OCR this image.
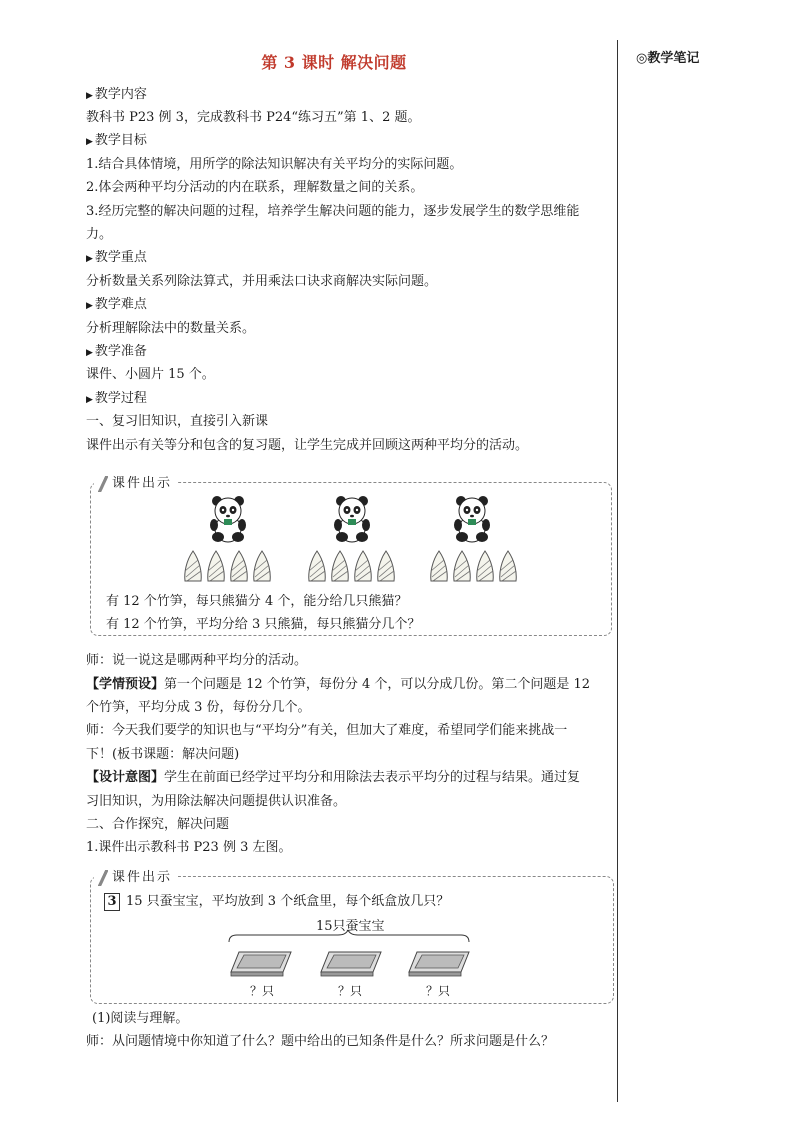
◎教学笔记
第 3 课时 解决问题
▶ 教学内容
教科书 P23 例 3，完成教科书 P24“练习五”第 1、2 题。
▶ 教学目标
1.结合具体情境，用所学的除法知识解决有关平均分的实际问题。
2.体会两种平均分活动的内在联系，理解数量之间的关系。
3.经历完整的解决问题的过程，培养学生解决问题的能力，逐步发展学生的数学思维能
力。
▶ 教学重点
分析数量关系列除法算式，并用乘法口诀求商解决实际问题。
▶ 教学难点
分析理解除法中的数量关系。
▶ 教学准备
课件、小圆片 15 个。
▶ 教学过程
一、复习旧知识，直接引入新课
课件出示有关等分和包含的复习题，让学生完成并回顾这两种平均分的活动。
课件出示
有 12 个竹笋，每只熊猫分 4 个，能分给几只熊猫？
有 12 个竹笋，平均分给 3 只熊猫，每只熊猫分几个？
师：说一说这是哪两种平均分的活动。
【学情预设】第一个问题是 12 个竹笋，每份分 4 个，可以分成几份。第二个问题是 12
个竹笋，平均分成 3 份，每份分几个。
师：今天我们要学的知识也与“平均分”有关，但加大了难度，希望同学们能来挑战一
下！(板书课题：解决问题)
【设计意图】学生在前面已经学过平均分和用除法去表示平均分的过程与结果。通过复
习旧知识，为用除法解决问题提供认识准备。
二、合作探究，解决问题
1.课件出示教科书 P23 例 3 左图。
课件出示
3 15 只蚕宝宝，平均放到 3 个纸盒里，每个纸盒放几只？
15只蚕宝宝
？只	？只	？只
(1)阅读与理解。
师：从问题情境中你知道了什么？题中给出的已知条件是什么？所求问题是什么？
